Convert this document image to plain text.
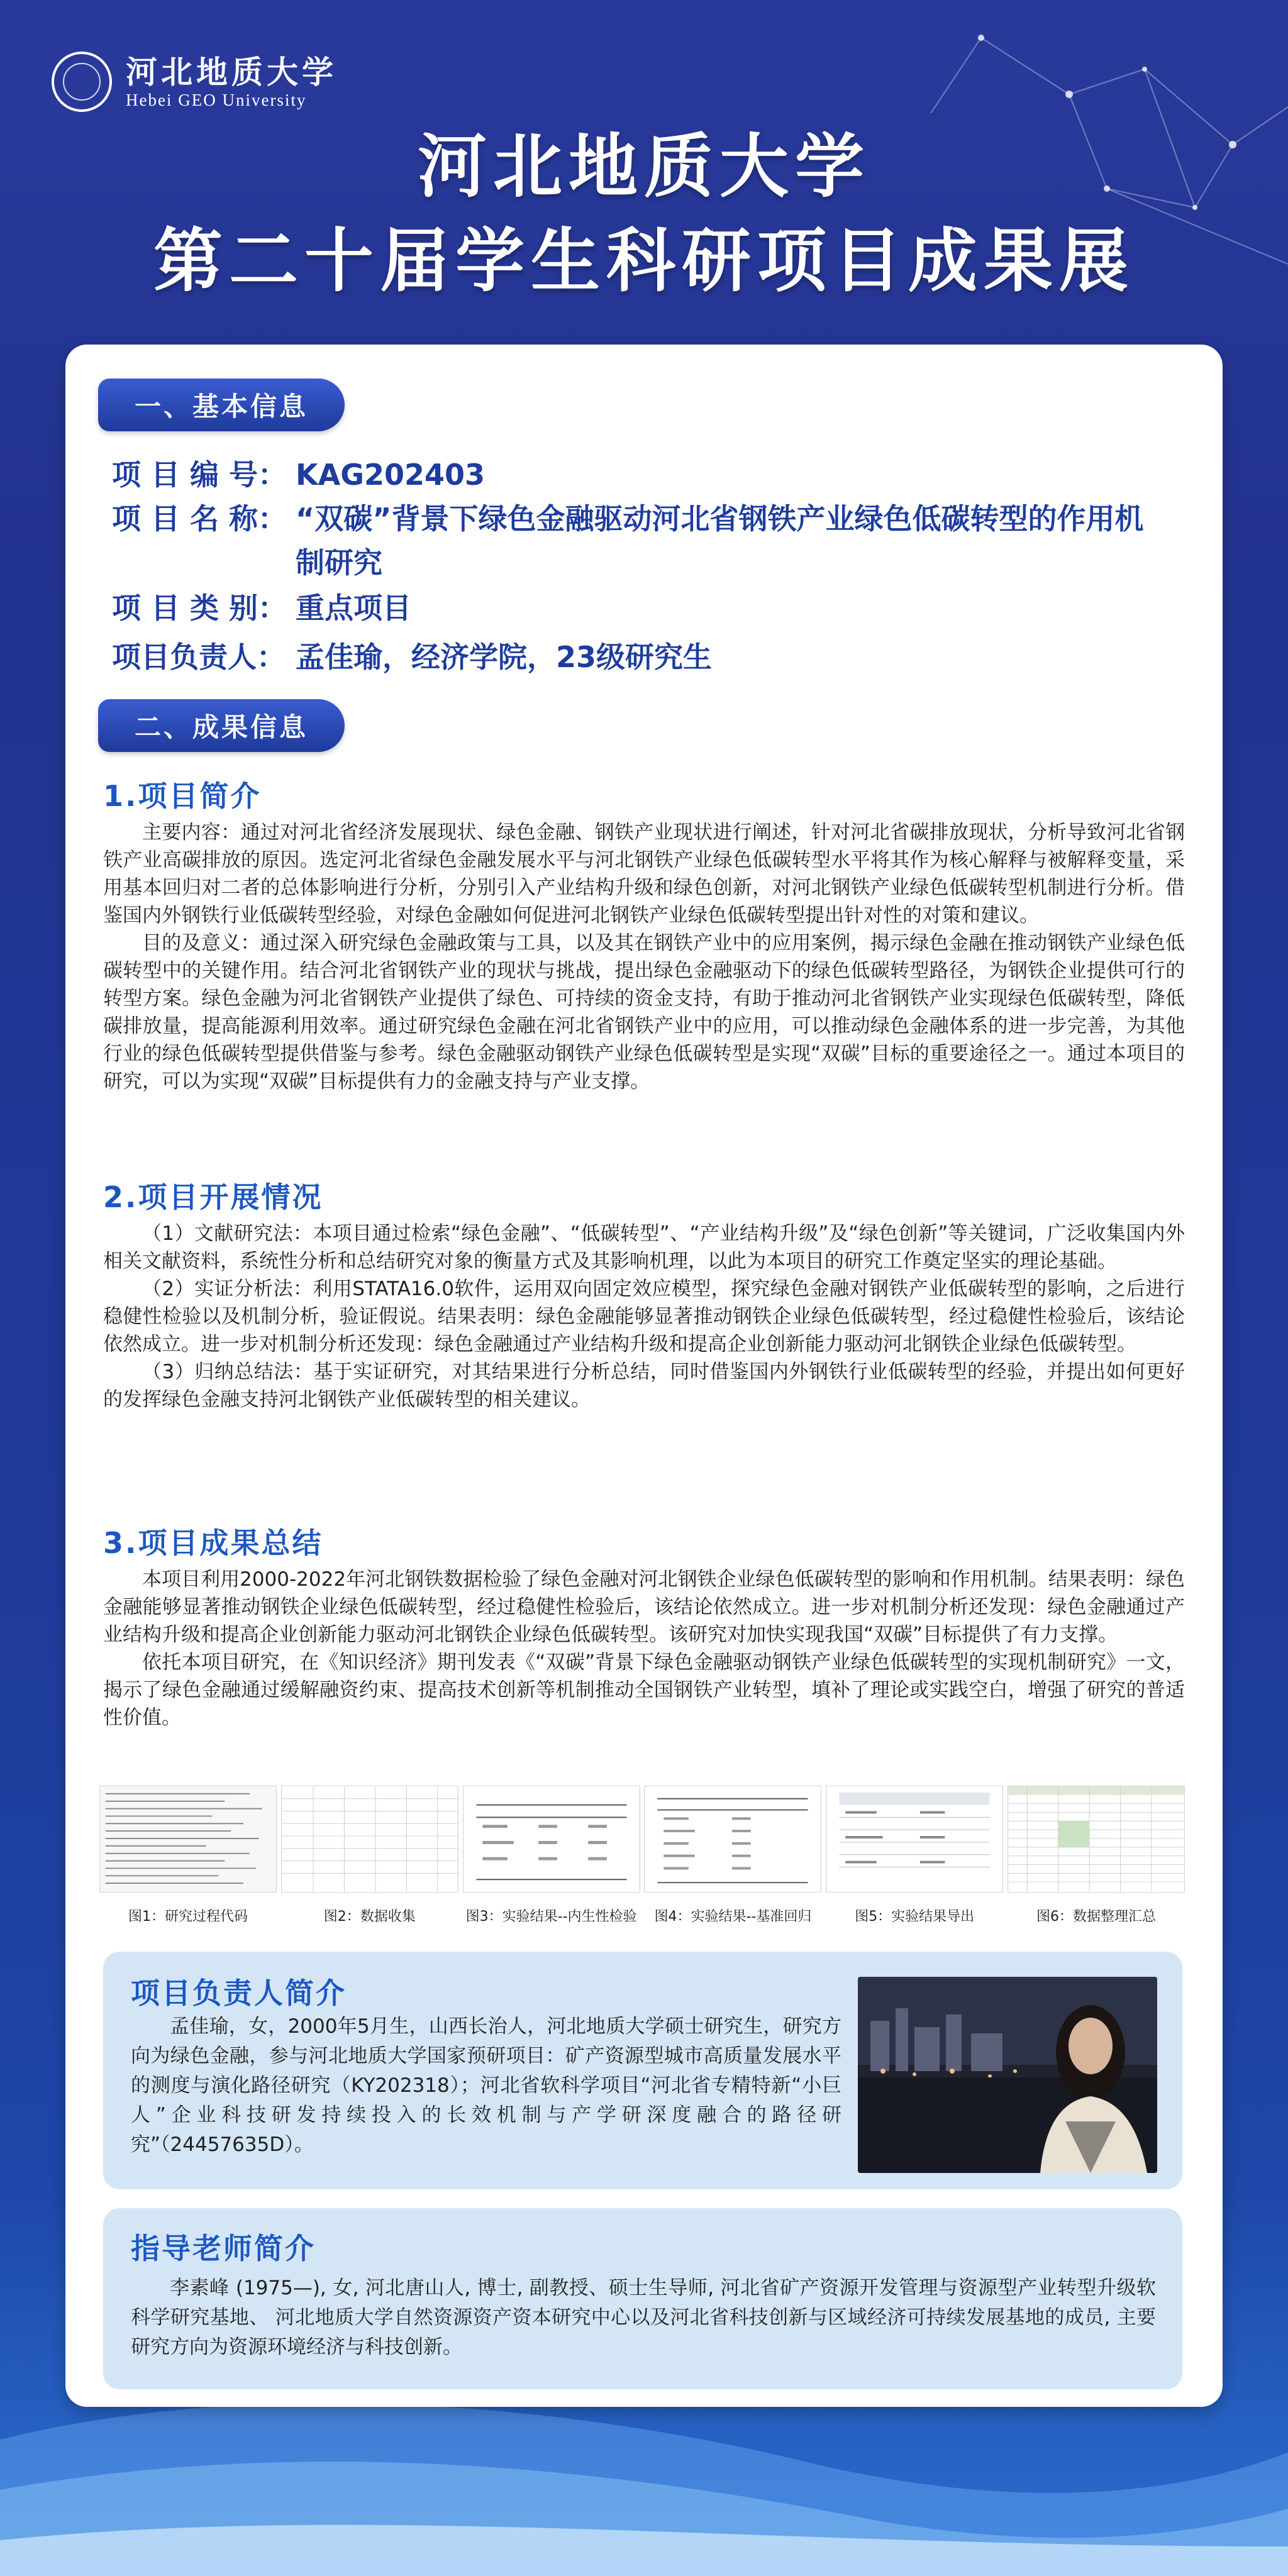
河北地质大学
Hebei GEO University
河北地质大学
第二十届学生科研项目成果展
一、基本信息
项 目 编 号： KAG202403
项 目 名 称： “双碳”背景下绿色金融驱动河北省钢铁产业绿色低碳转型的作用机制研究
项 目 类 别： 重点项目
项目负责人： 孟佳瑜，经济学院，23级研究生
二、成果信息
1.项目简介

主要内容：通过对河北省经济发展现状、绿色金融、钢铁产业现状进行阐述，针对河北省碳排放现状，分析导致河北省钢铁产业高碳排放的原因。选定河北省绿色金融发展水平与河北钢铁产业绿色低碳转型水平将其作为核心解释与被解释变量，采用基本回归对二者的总体影响进行分析，分别引入产业结构升级和绿色创新，对河北钢铁产业绿色低碳转型机制进行分析。借鉴国内外钢铁行业低碳转型经验，对绿色金融如何促进河北钢铁产业绿色低碳转型提出针对性的对策和建议。

目的及意义：通过深入研究绿色金融政策与工具，以及其在钢铁产业中的应用案例，揭示绿色金融在推动钢铁产业绿色低碳转型中的关键作用。结合河北省钢铁产业的现状与挑战，提出绿色金融驱动下的绿色低碳转型路径，为钢铁企业提供可行的转型方案。绿色金融为河北省钢铁产业提供了绿色、可持续的资金支持，有助于推动河北省钢铁产业实现绿色低碳转型，降低碳排放量，提高能源利用效率。通过研究绿色金融在河北省钢铁产业中的应用，可以推动绿色金融体系的进一步完善，为其他行业的绿色低碳转型提供借鉴与参考。绿色金融驱动钢铁产业绿色低碳转型是实现“双碳”目标的重要途径之一。通过本项目的研究，可以为实现“双碳”目标提供有力的金融支持与产业支撑。

2.项目开展情况

（1）文献研究法：本项目通过检索“绿色金融”、“低碳转型”、“产业结构升级”及“绿色创新”等关键词，广泛收集国内外相关文献资料，系统性分析和总结研究对象的衡量方式及其影响机理，以此为本项目的研究工作奠定坚实的理论基础。

（2）实证分析法：利用STATA16.0软件，运用双向固定效应模型，探究绿色金融对钢铁产业低碳转型的影响，之后进行稳健性检验以及机制分析，验证假说。结果表明：绿色金融能够显著推动钢铁企业绿色低碳转型，经过稳健性检验后，该结论依然成立。进一步对机制分析还发现：绿色金融通过产业结构升级和提高企业创新能力驱动河北钢铁企业绿色低碳转型。

（3）归纳总结法：基于实证研究，对其结果进行分析总结，同时借鉴国内外钢铁行业低碳转型的经验，并提出如何更好的发挥绿色金融支持河北钢铁产业低碳转型的相关建议。

3.项目成果总结

本项目利用2000-2022年河北钢铁数据检验了绿色金融对河北钢铁企业绿色低碳转型的影响和作用机制。结果表明：绿色金融能够显著推动钢铁企业绿色低碳转型，经过稳健性检验后，该结论依然成立。进一步对机制分析还发现：绿色金融通过产业结构升级和提高企业创新能力驱动河北钢铁企业绿色低碳转型。该研究对加快实现我国“双碳”目标提供了有力支撑。

依托本项目研究，在《知识经济》期刊发表《“双碳”背景下绿色金融驱动钢铁产业绿色低碳转型的实现机制研究》一文，揭示了绿色金融通过缓解融资约束、提高技术创新等机制推动全国钢铁产业转型，填补了理论或实践空白，增强了研究的普适性价值。

图1：研究过程代码	图2：数据收集	图3：实验结果--内生性检验	图4：实验结果--基准回归	图5：实验结果导出	图6：数据整理汇总
项目负责人简介

孟佳瑜，女，2000年5月生，山西长治人，河北地质大学硕士研究生，研究方向为绿色金融，参与河北地质大学国家预研项目：矿产资源型城市高质量发展水平的测度与演化路径研究（KY202318）；河北省软科学项目“河北省专精特新“小巨人”企业科技研发持续投入的长效机制与产学研深度融合的路径研究”（24457635D）。

指导老师简介

李素峰 (1975—), 女, 河北唐山人, 博士, 副教授、硕士生导师, 河北省矿产资源开发管理与资源型产业转型升级软科学研究基地、 河北地质大学自然资源资产资本研究中心以及河北省科技创新与区域经济可持续发展基地的成员, 主要研究方向为资源环境经济与科技创新。
